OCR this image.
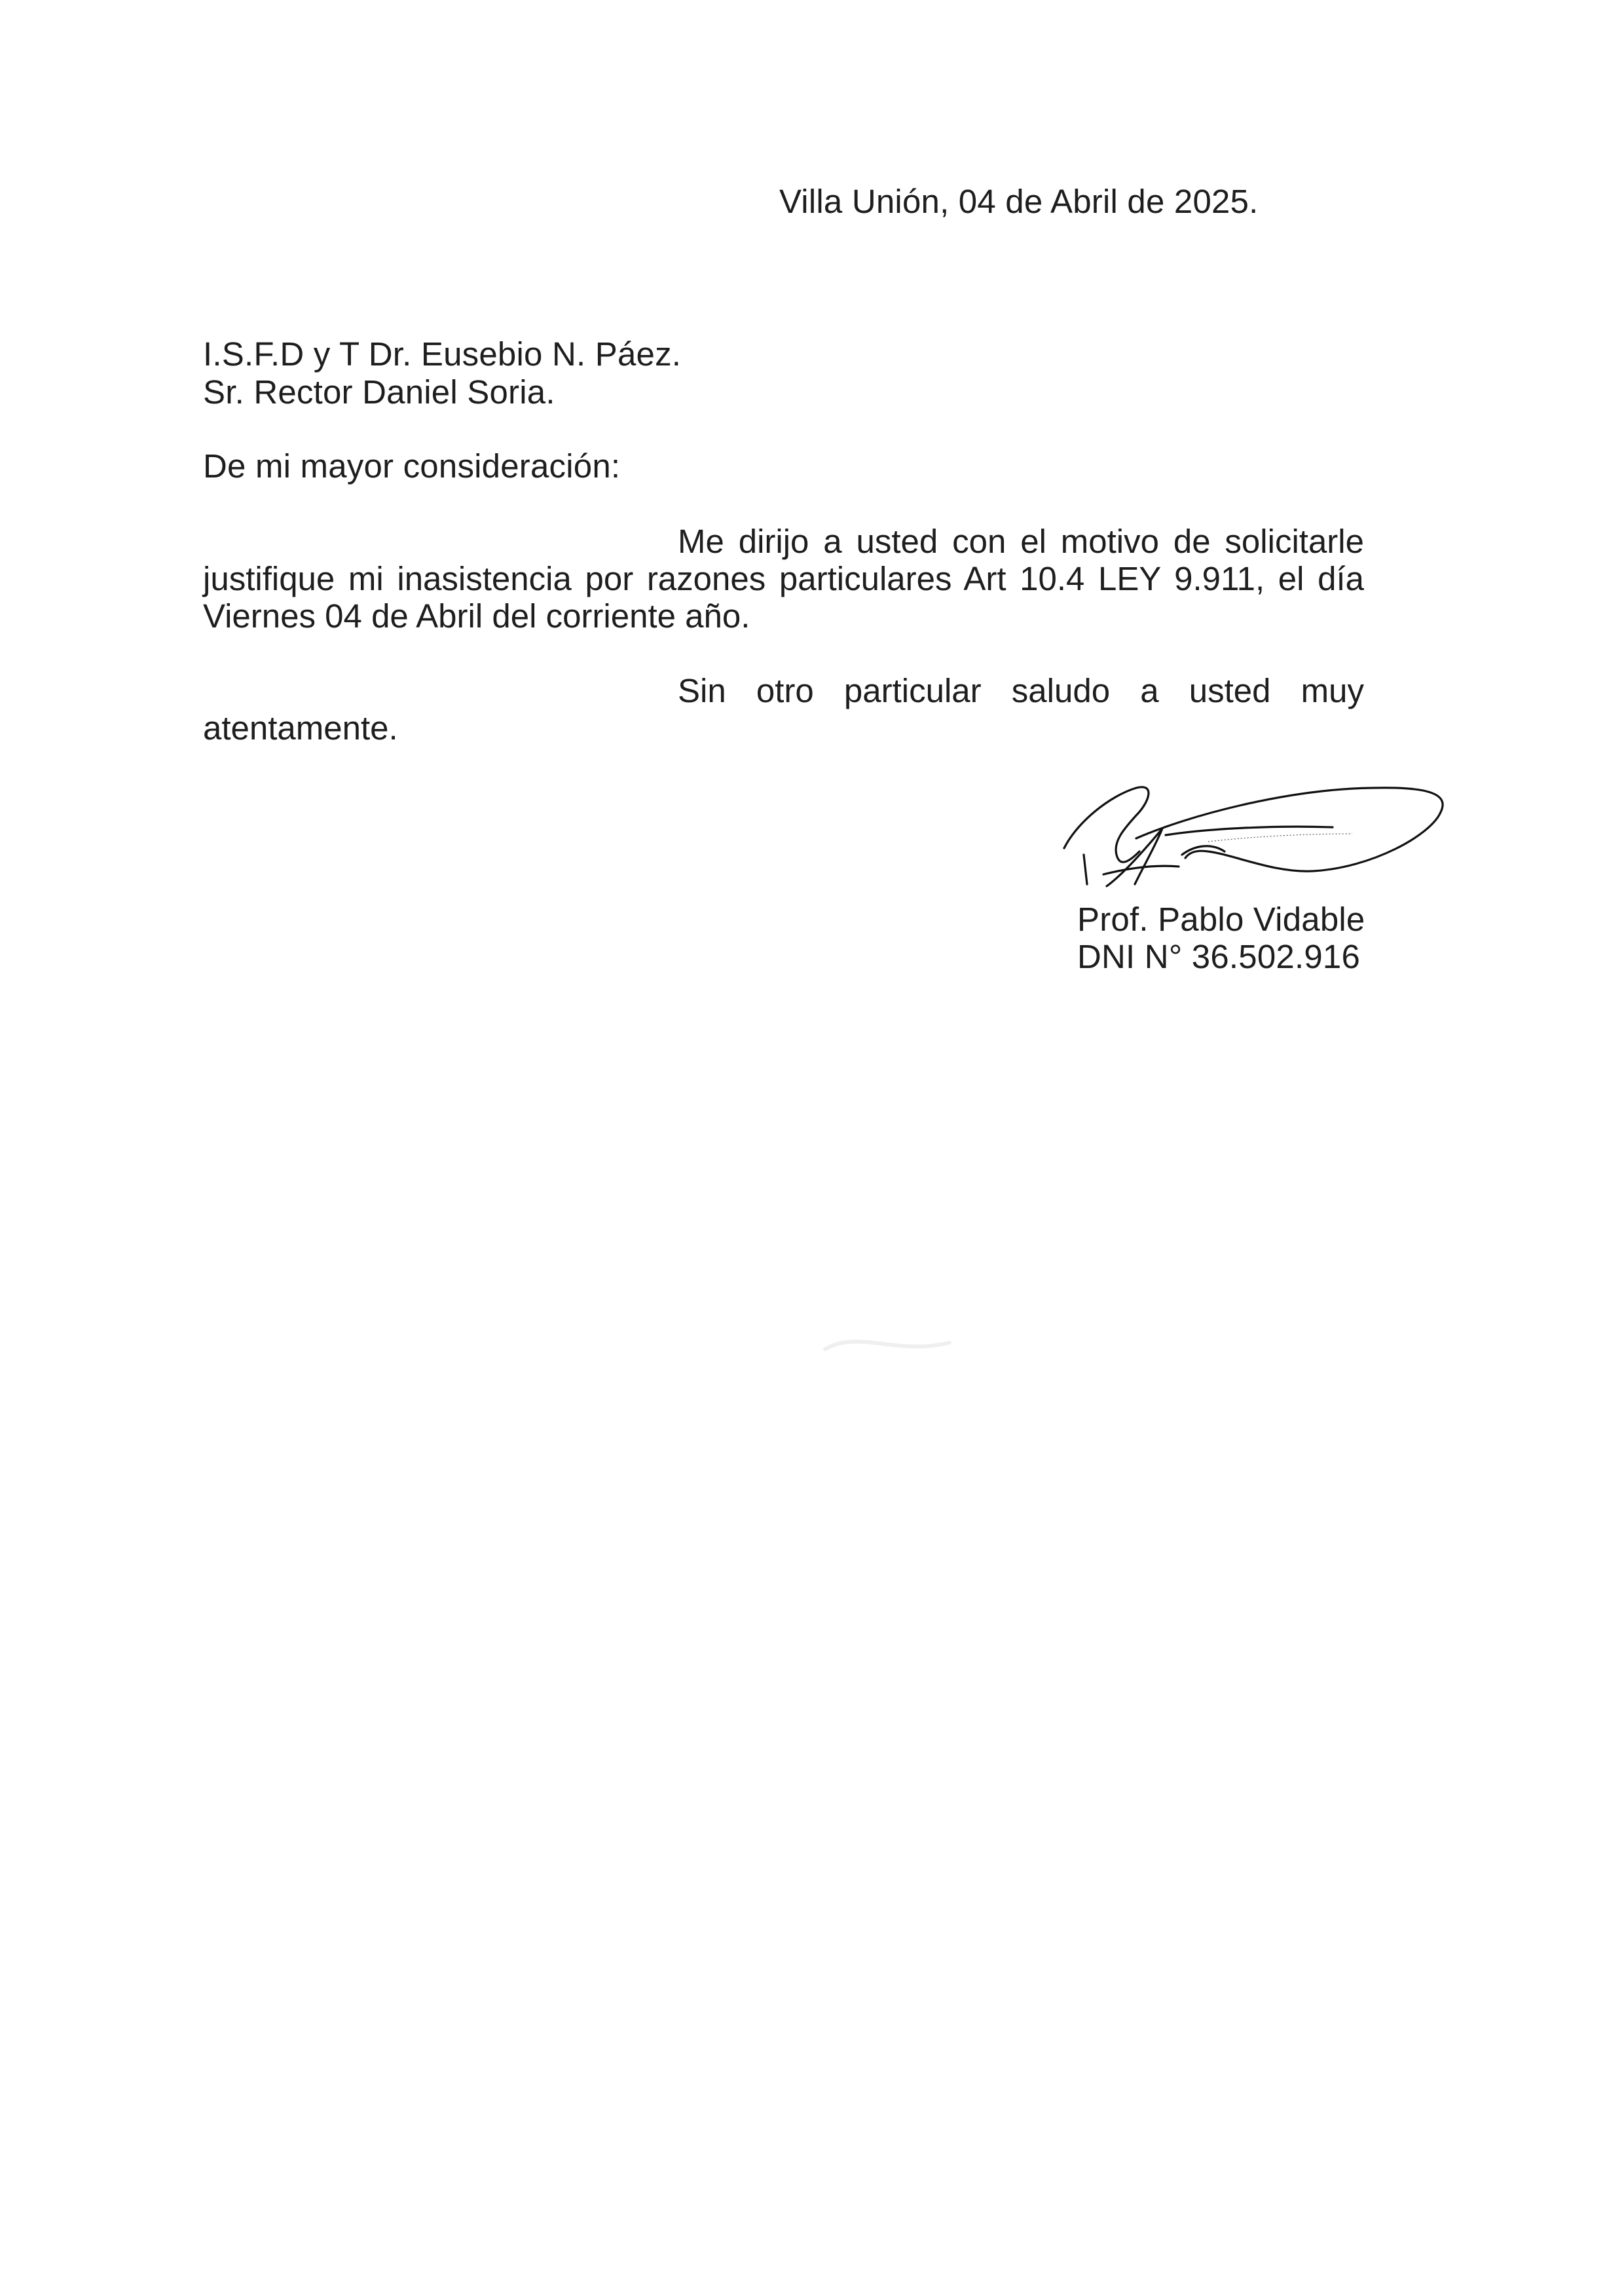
Villa Unión, 04 de Abril de 2025.
I.S.F.D y T Dr. Eusebio N. Páez.
Sr. Rector Daniel Soria.
De mi mayor consideración:
Me dirijo a usted con el motivo de solicitarle
justifique mi inasistencia por razones particulares Art 10.4 LEY 9.911, el día
Viernes 04 de Abril del corriente año.
Sin otro particular saludo a usted muy
atentamente.
Prof. Pablo Vidable
DNI N° 36.502.916
